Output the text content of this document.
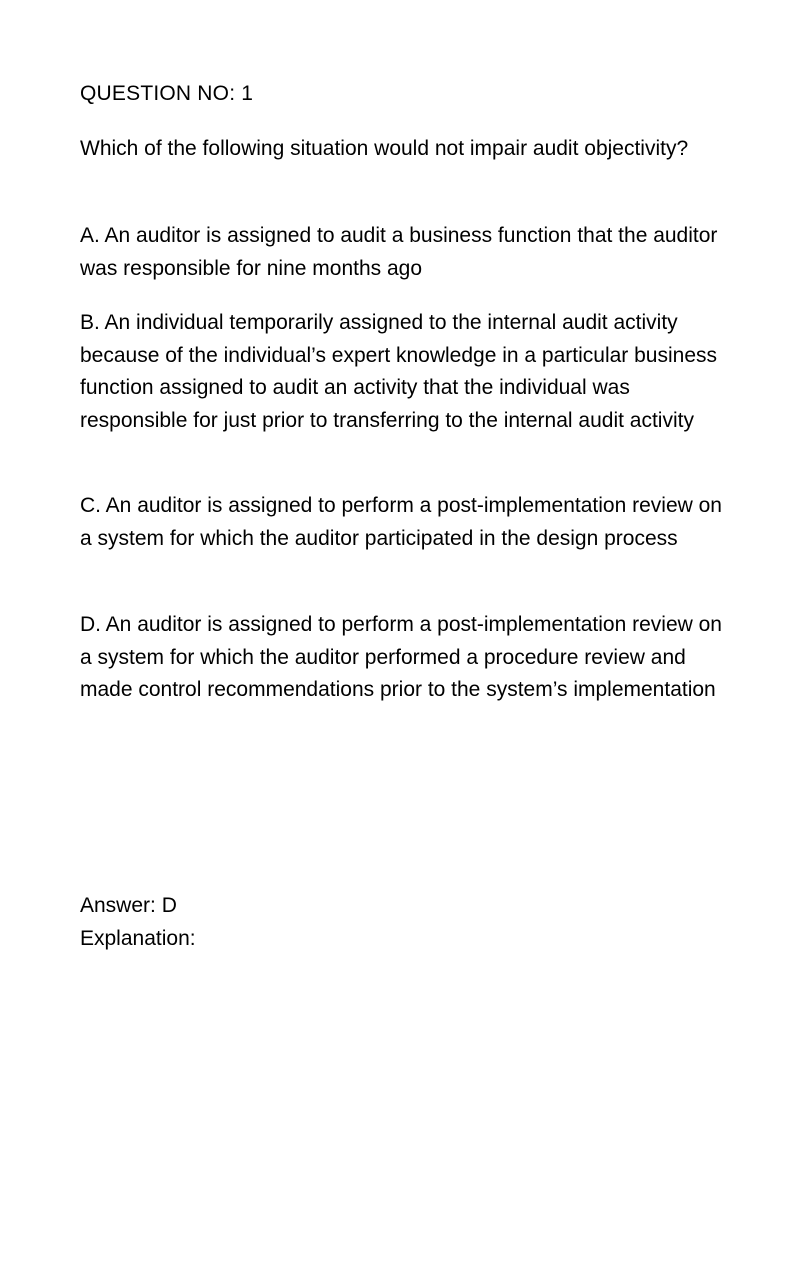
QUESTION NO: 1
Which of the following situation would not impair audit objectivity?
A. An auditor is assigned to audit a business function that the auditor was responsible for nine months ago
B. An individual temporarily assigned to the internal audit activity because of the individual’s expert knowledge in a particular business function assigned to audit an activity that the individual was responsible for just prior to transferring to the internal audit activity
C. An auditor is assigned to perform a post-implementation review on a system for which the auditor participated in the design process
D. An auditor is assigned to perform a post-implementation review on a system for which the auditor performed a procedure review and made control recommendations prior to the system’s implementation
Answer: D
Explanation:
